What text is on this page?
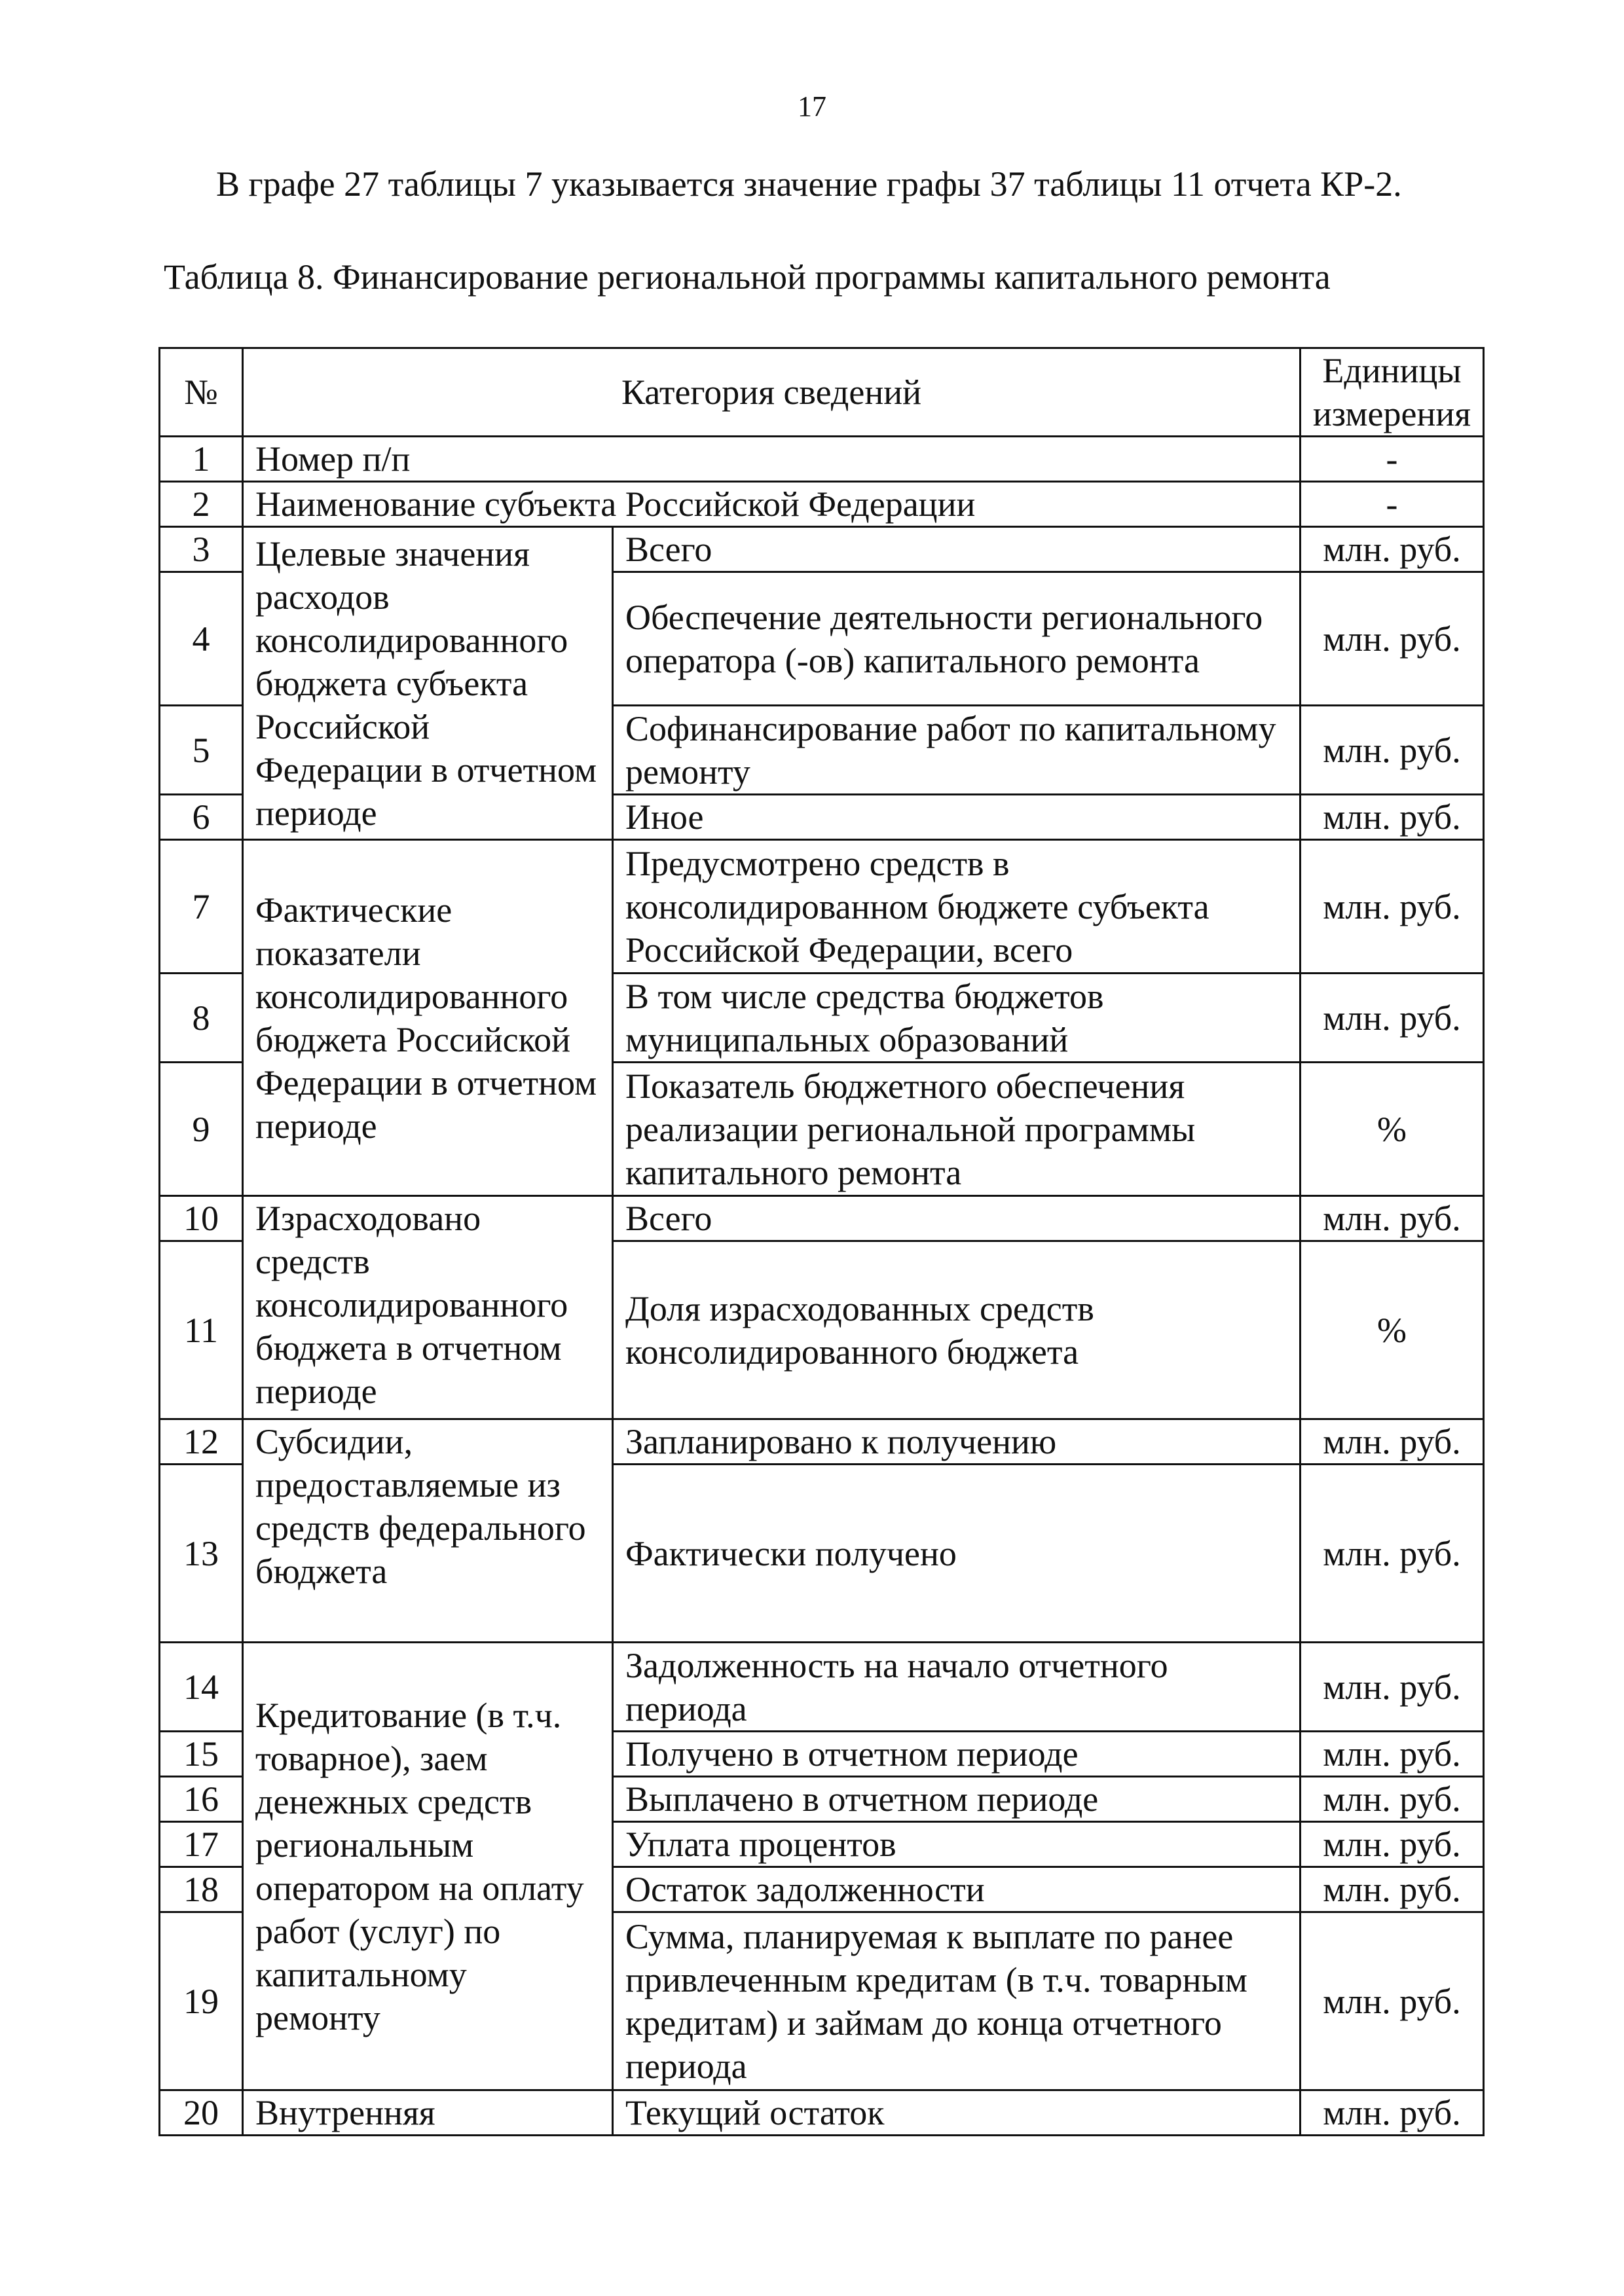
17
В графе 27 таблицы 7 указывается значение графы 37 таблицы 11 отчета КР-2.
Таблица 8. Финансирование региональной программы капитального ремонта
№	Категория сведений		Единицы измерения
1	Номер п/п		-
2	Наименование субъекта Российской Федерации		-
3	Целевые значения расходов консолидированного бюджета субъекта Российской Федерации в отчетном периоде	Всего	млн. руб.
4		Обеспечение деятельности регионального оператора (-ов) капитального ремонта	млн. руб.
5		Софинансирование работ по капитальному ремонту	млн. руб.
6		Иное	млн. руб.
7	Фактические показатели консолидированного бюджета Российской Федерации в отчетном периоде	Предусмотрено средств в консолидированном бюджете субъекта Российской Федерации, всего	млн. руб.
8		В том числе средства бюджетов муниципальных образований	млн. руб.
9		Показатель бюджетного обеспечения реализации региональной программы капитального ремонта	%
10	Израсходовано средств консолидированного бюджета в отчетном периоде	Всего	млн. руб.
11		Доля израсходованных средств консолидированного бюджета	%
12	Субсидии, предоставляемые из средств федерального бюджета	Запланировано к получению	млн. руб.
13		Фактически получено	млн. руб.
14	Кредитование (в т.ч. товарное), заем денежных средств региональным оператором на оплату работ (услуг) по капитальному ремонту	Задолженность на начало отчетного периода	млн. руб.
15		Получено в отчетном периоде	млн. руб.
16		Выплачено в отчетном периоде	млн. руб.
17		Уплата процентов	млн. руб.
18		Остаток задолженности	млн. руб.
19		Сумма, планируемая к выплате по ранее привлеченным кредитам (в т.ч. товарным кредитам) и займам до конца отчетного периода	млн. руб.
20	Внутренняя	Текущий остаток	млн. руб.
